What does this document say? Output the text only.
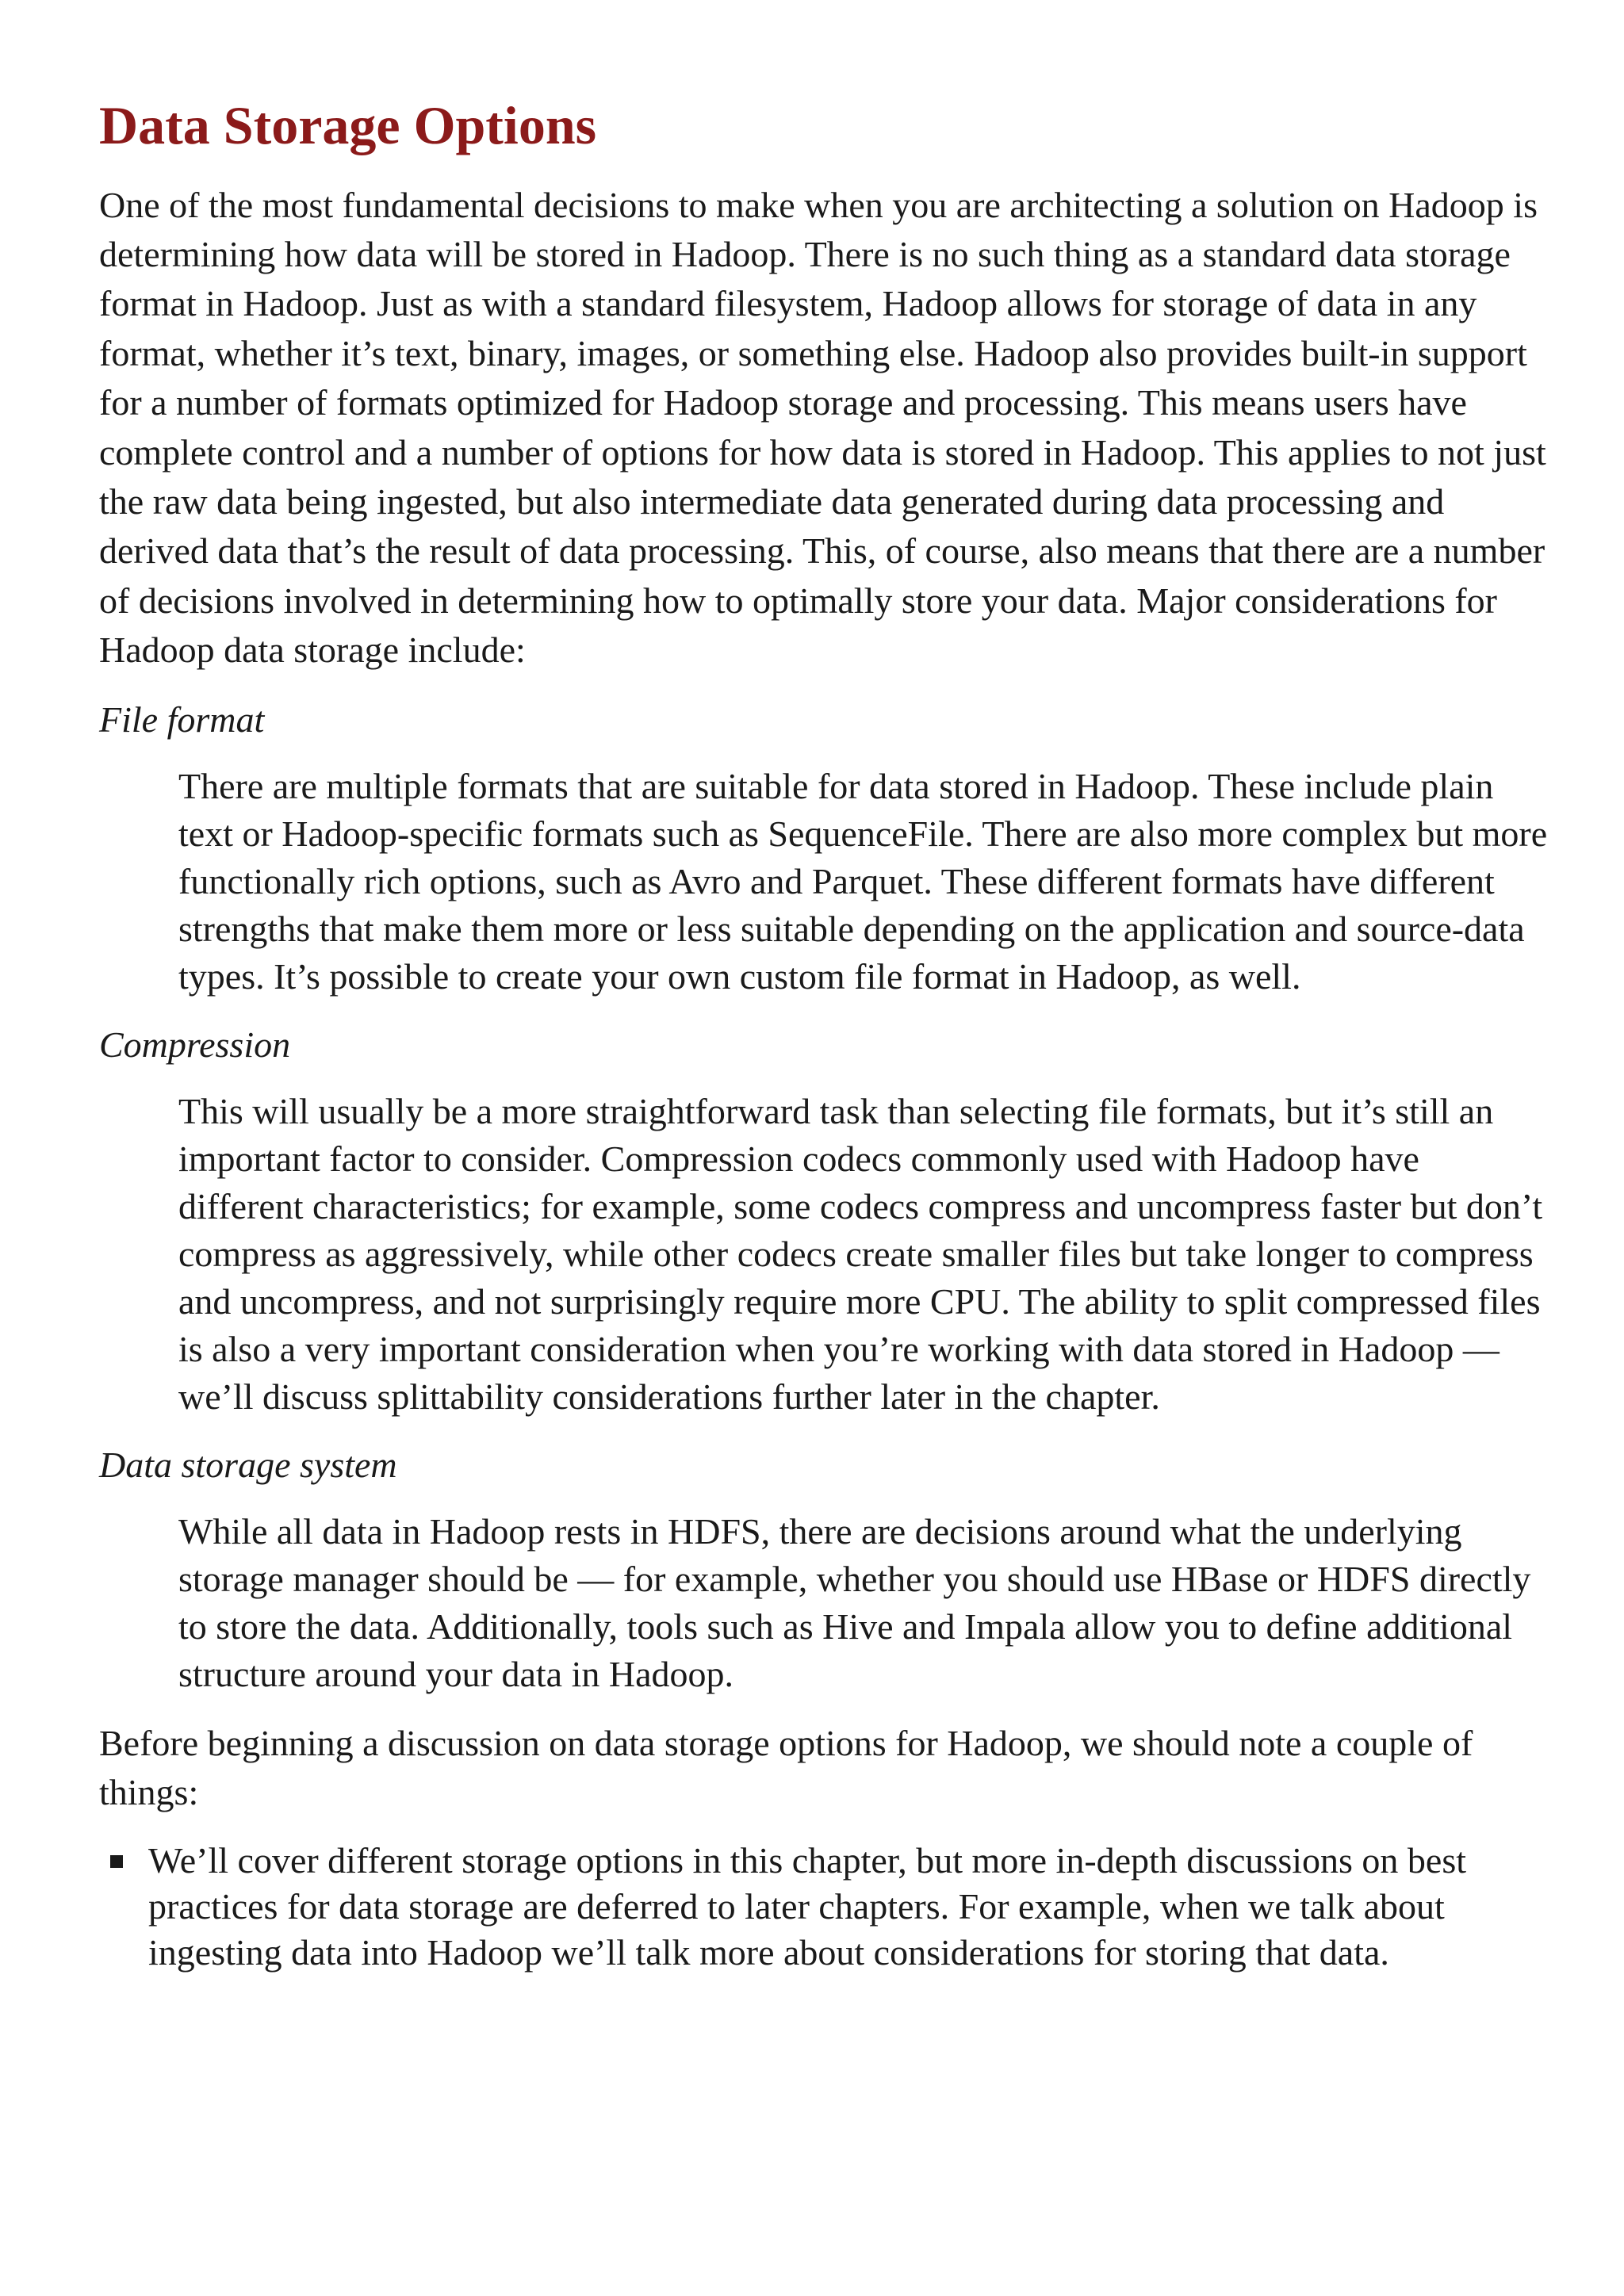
Data Storage Options

One of the most fundamental decisions to make when you are architecting a solution on Hadoop is determining how data will be stored in Hadoop. There is no such thing as a standard data storage format in Hadoop. Just as with a standard filesystem, Hadoop allows for storage of data in any format, whether it’s text, binary, images, or something else. Hadoop also provides built-in support for a number of formats optimized for Hadoop storage and processing. This means users have complete control and a number of options for how data is stored in Hadoop. This applies to not just the raw data being ingested, but also intermediate data generated during data processing and derived data that’s the result of data processing. This, of course, also means that there are a number of decisions involved in determining how to optimally store your data. Major considerations for Hadoop data storage include:

File format
There are multiple formats that are suitable for data stored in Hadoop. These include plain text or Hadoop-specific formats such as SequenceFile. There are also more complex but more functionally rich options, such as Avro and Parquet. These different formats have different strengths that make them more or less suitable depending on the application and source-data types. It’s possible to create your own custom file format in Hadoop, as well.
Compression
This will usually be a more straightforward task than selecting file formats, but it’s still an important factor to consider. Compression codecs commonly used with Hadoop have different characteristics; for example, some codecs compress and uncompress faster but don’t compress as aggressively, while other codecs create smaller files but take longer to compress and uncompress, and not surprisingly require more CPU. The ability to split compressed files is also a very important consideration when you’re working with data stored in Hadoop — we’ll discuss splittability considerations further later in the chapter.
Data storage system
While all data in Hadoop rests in HDFS, there are decisions around what the underlying storage manager should be — for example, whether you should use HBase or HDFS directly to store the data. Additionally, tools such as Hive and Impala allow you to define additional structure around your data in Hadoop.

Before beginning a discussion on data storage options for Hadoop, we should note a couple of things:

We’ll cover different storage options in this chapter, but more in-depth discussions on best practices for data storage are deferred to later chapters. For example, when we talk about ingesting data into Hadoop we’ll talk more about considerations for storing that data.
